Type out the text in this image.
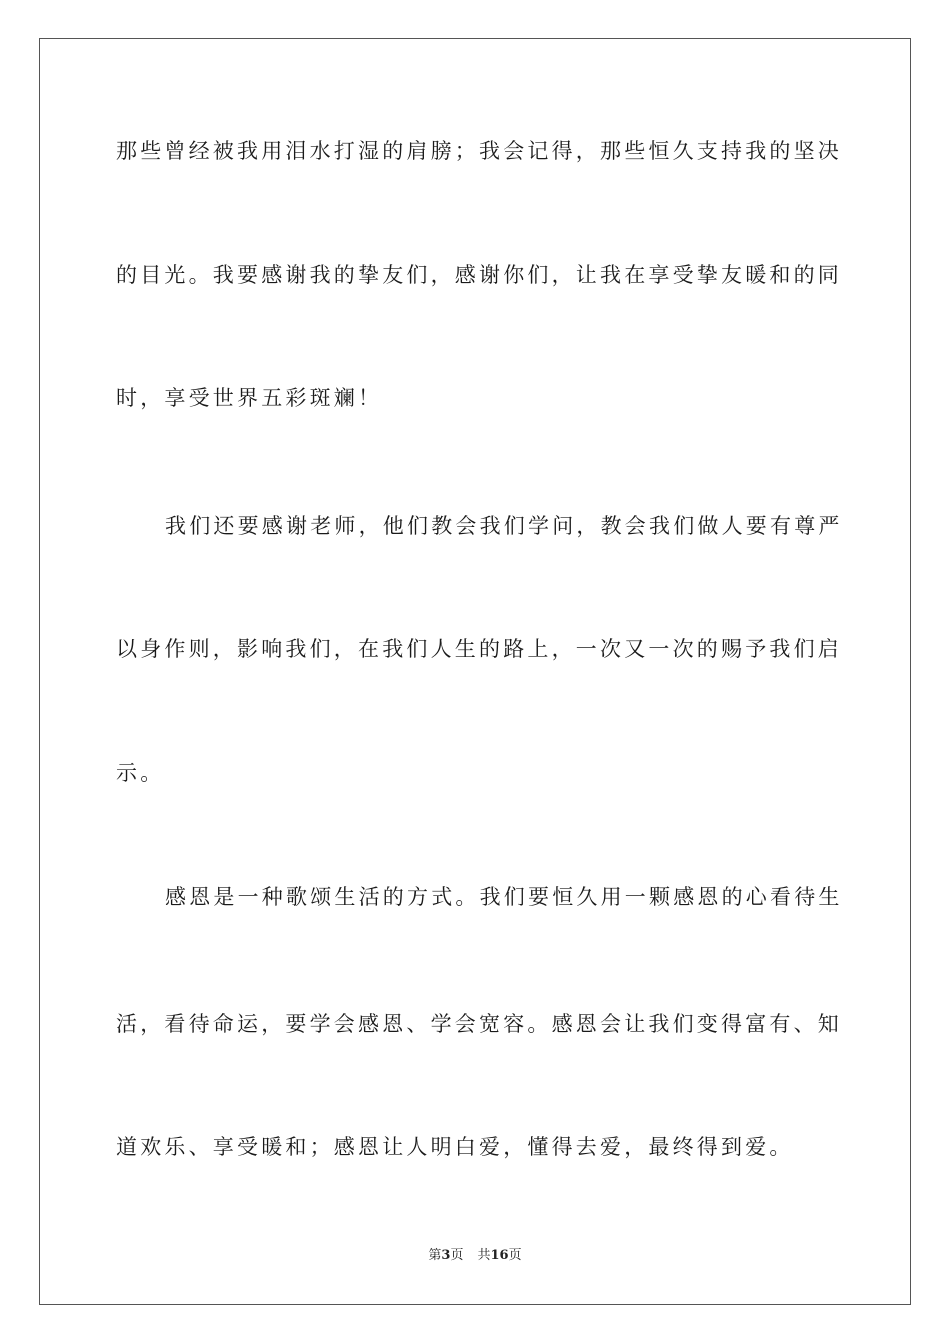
那些曾经被我用泪水打湿的肩膀；我会记得，那些恒久支持我的坚决
的目光。我要感谢我的挚友们，感谢你们，让我在享受挚友暖和的同
时，享受世界五彩斑斓！
我们还要感谢老师，他们教会我们学问，教会我们做人要有尊严
以身作则，影响我们，在我们人生的路上，一次又一次的赐予我们启
示。
感恩是一种歌颂生活的方式。我们要恒久用一颗感恩的心看待生
活，看待命运，要学会感恩、学会宽容。感恩会让我们变得富有、知
道欢乐、享受暖和；感恩让人明白爱，懂得去爱，最终得到爱。
第3页 共16页
